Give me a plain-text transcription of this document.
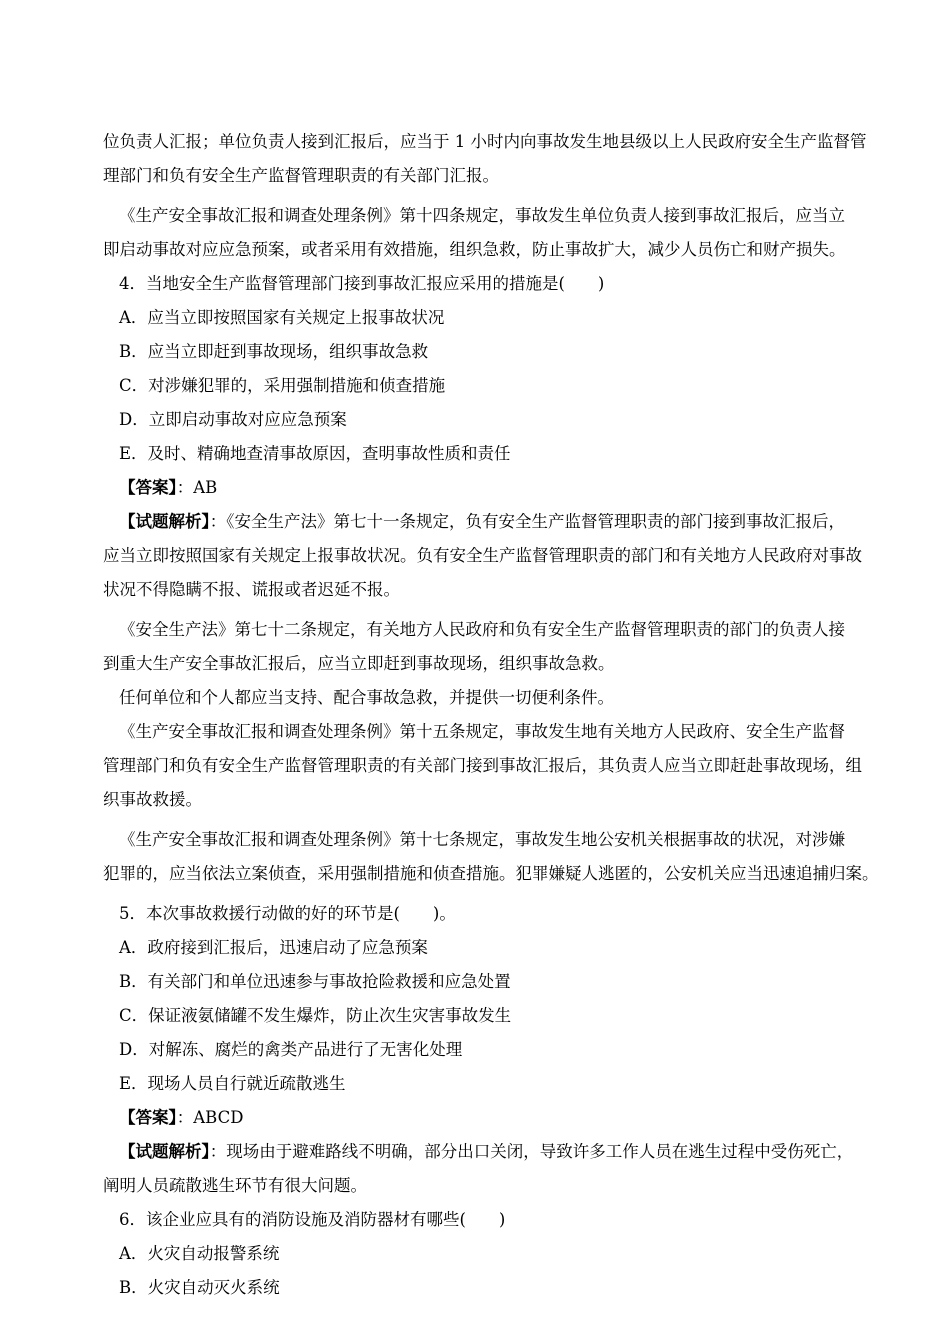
位负责人汇报；单位负责人接到汇报后，应当于 1 小时内向事故发生地县级以上人民政府安全生产监督管
理部门和负有安全生产监督管理职责的有关部门汇报。
《生产安全事故汇报和调查处理条例》第十四条规定，事故发生单位负责人接到事故汇报后，应当立
即启动事故对应应急预案，或者采用有效措施，组织急救，防止事故扩大，减少人员伤亡和财产损失。
4．当地安全生产监督管理部门接到事故汇报应采用的措施是(　　)
A．应当立即按照国家有关规定上报事故状况
B．应当立即赶到事故现场，组织事故急救
C．对涉嫌犯罪的，采用强制措施和侦查措施
D．立即启动事故对应应急预案
E．及时、精确地查清事故原因，查明事故性质和责任
【答案】：AB
【试题解析】：《安全生产法》第七十一条规定，负有安全生产监督管理职责的部门接到事故汇报后，
应当立即按照国家有关规定上报事故状况。负有安全生产监督管理职责的部门和有关地方人民政府对事故
状况不得隐瞒不报、谎报或者迟延不报。
《安全生产法》第七十二条规定，有关地方人民政府和负有安全生产监督管理职责的部门的负责人接
到重大生产安全事故汇报后，应当立即赶到事故现场，组织事故急救。
任何单位和个人都应当支持、配合事故急救，并提供一切便利条件。
《生产安全事故汇报和调查处理条例》第十五条规定，事故发生地有关地方人民政府、安全生产监督
管理部门和负有安全生产监督管理职责的有关部门接到事故汇报后，其负责人应当立即赶赴事故现场，组
织事故救援。
《生产安全事故汇报和调查处理条例》第十七条规定，事故发生地公安机关根据事故的状况，对涉嫌
犯罪的，应当依法立案侦查，采用强制措施和侦查措施。犯罪嫌疑人逃匿的，公安机关应当迅速追捕归案。
5．本次事故救援行动做的好的环节是(　　)。
A．政府接到汇报后，迅速启动了应急预案
B．有关部门和单位迅速参与事故抢险救援和应急处置
C．保证液氨储罐不发生爆炸，防止次生灾害事故发生
D．对解冻、腐烂的禽类产品进行了无害化处理
E．现场人员自行就近疏散逃生
【答案】：ABCD
【试题解析】：现场由于避难路线不明确，部分出口关闭，导致许多工作人员在逃生过程中受伤死亡，
阐明人员疏散逃生环节有很大问题。
6．该企业应具有的消防设施及消防器材有哪些(　　)
A．火灾自动报警系统
B．火灾自动灭火系统
